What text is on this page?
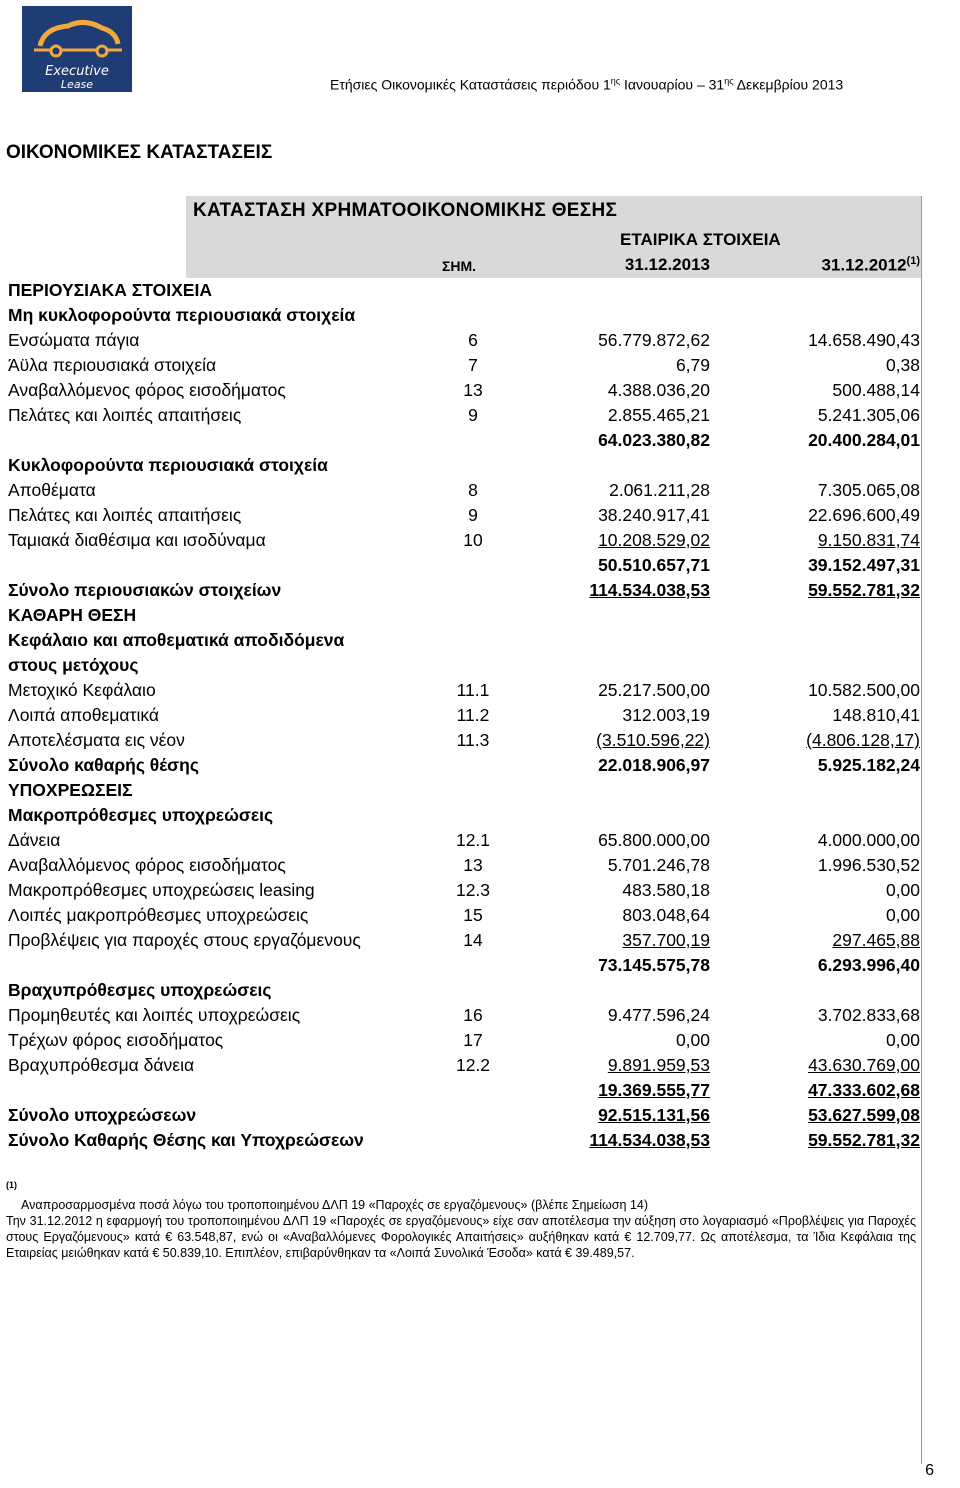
Executive
Lease	Ετήσιες Οικονομικές Καταστάσεις περιόδου $1^{\eta\varsigma}$ Ιανουαρίου – $31^{\eta\varsigma}$ Δεκεμβρίου 2013
ΟΙΚΟΝΟΜΙΚΕΣ ΚΑΤΑΣΤΑΣΕΙΣ
ΚΑΤΑΣΤΑΣΗ ΧΡΗΜΑΤΟΟΙΚΟΝΟΜΙΚΗΣ ΘΕΣΗΣ
ΕΤΑΙΡΙΚΑ ΣΤΟΙΧΕΙΑ
ΣΗΜ.	31.12.2013	31.12.2012$^{(1)}$
ΠΕΡΙΟΥΣΙΑΚΑ ΣΤΟΙΧΕΙΑ
Μη κυκλοφορούντα περιουσιακά στοιχεία
Ενσώματα πάγια	6	56.779.872,62	14.658.490,43
Άϋλα περιουσιακά στοιχεία	7	6,79	0,38
Αναβαλλόμενος φόρος εισοδήματος	13	4.388.036,20	500.488,14
Πελάτες και λοιπές απαιτήσεις	9	2.855.465,21	5.241.305,06
64.023.380,82	20.400.284,01
Κυκλοφορούντα περιουσιακά στοιχεία
Αποθέματα	8	2.061.211,28	7.305.065,08
Πελάτες και λοιπές απαιτήσεις	9	38.240.917,41	22.696.600,49
Ταμιακά διαθέσιμα και ισοδύναμα	10	10.208.529,02	9.150.831,74
50.510.657,71	39.152.497,31
Σύνολο περιουσιακών στοιχείων	114.534.038,53	59.552.781,32
ΚΑΘΑΡΗ ΘΕΣΗ
Κεφάλαιο και αποθεματικά αποδιδόμενα
στους μετόχους
Μετοχικό Κεφάλαιο	11.1	25.217.500,00	10.582.500,00
Λοιπά αποθεματικά	11.2	312.003,19	148.810,41
Αποτελέσματα εις νέον	11.3	(3.510.596,22)	(4.806.128,17)
Σύνολο καθαρής θέσης	22.018.906,97	5.925.182,24
ΥΠΟΧΡΕΩΣΕΙΣ
Μακροπρόθεσμες υποχρεώσεις
Δάνεια	12.1	65.800.000,00	4.000.000,00
Αναβαλλόμενος φόρος εισοδήματος	13	5.701.246,78	1.996.530,52
Μακροπρόθεσμες υποχρεώσεις leasing	12.3	483.580,18	0,00
Λοιπές μακροπρόθεσμες υποχρεώσεις	15	803.048,64	0,00
Προβλέψεις για παροχές στους εργαζόμενους	14	357.700,19	297.465,88
73.145.575,78	6.293.996,40
Βραχυπρόθεσμες υποχρεώσεις
Προμηθευτές και λοιπές υποχρεώσεις	16	9.477.596,24	3.702.833,68
Τρέχων φόρος εισοδήματος	17	0,00	0,00
Βραχυπρόθεσμα δάνεια	12.2	9.891.959,53	43.630.769,00
19.369.555,77	47.333.602,68
Σύνολο υποχρεώσεων	92.515.131,56	53.627.599,08
Σύνολο Καθαρής Θέσης και Υποχρεώσεων	114.534.038,53	59.552.781,32
$^{(1)}$
Αναπροσαρμοσμένα ποσά λόγω του τροποποιημένου ΔΛΠ 19 «Παροχές σε εργαζόμενους» (βλέπε Σημείωση 14)
Την 31.12.2012 η εφαρμογή του τροποποιημένου ΔΛΠ 19 «Παροχές σε εργαζόμενους» είχε σαν αποτέλεσμα την αύξηση στο λογαριασμό «Προβλέψεις για Παροχές στους Εργαζόμενους» κατά € 63.548,87, ενώ οι «Αναβαλλόμενες Φορολογικές Απαιτήσεις» αυξήθηκαν κατά € 12.709,77. Ως αποτέλεσμα, τα Ίδια Κεφάλαια της Εταιρείας μειώθηκαν κατά € 50.839,10. Επιπλέον, επιβαρύνθηκαν τα «Λοιπά Συνολικά Έσοδα» κατά € 39.489,57.
6
